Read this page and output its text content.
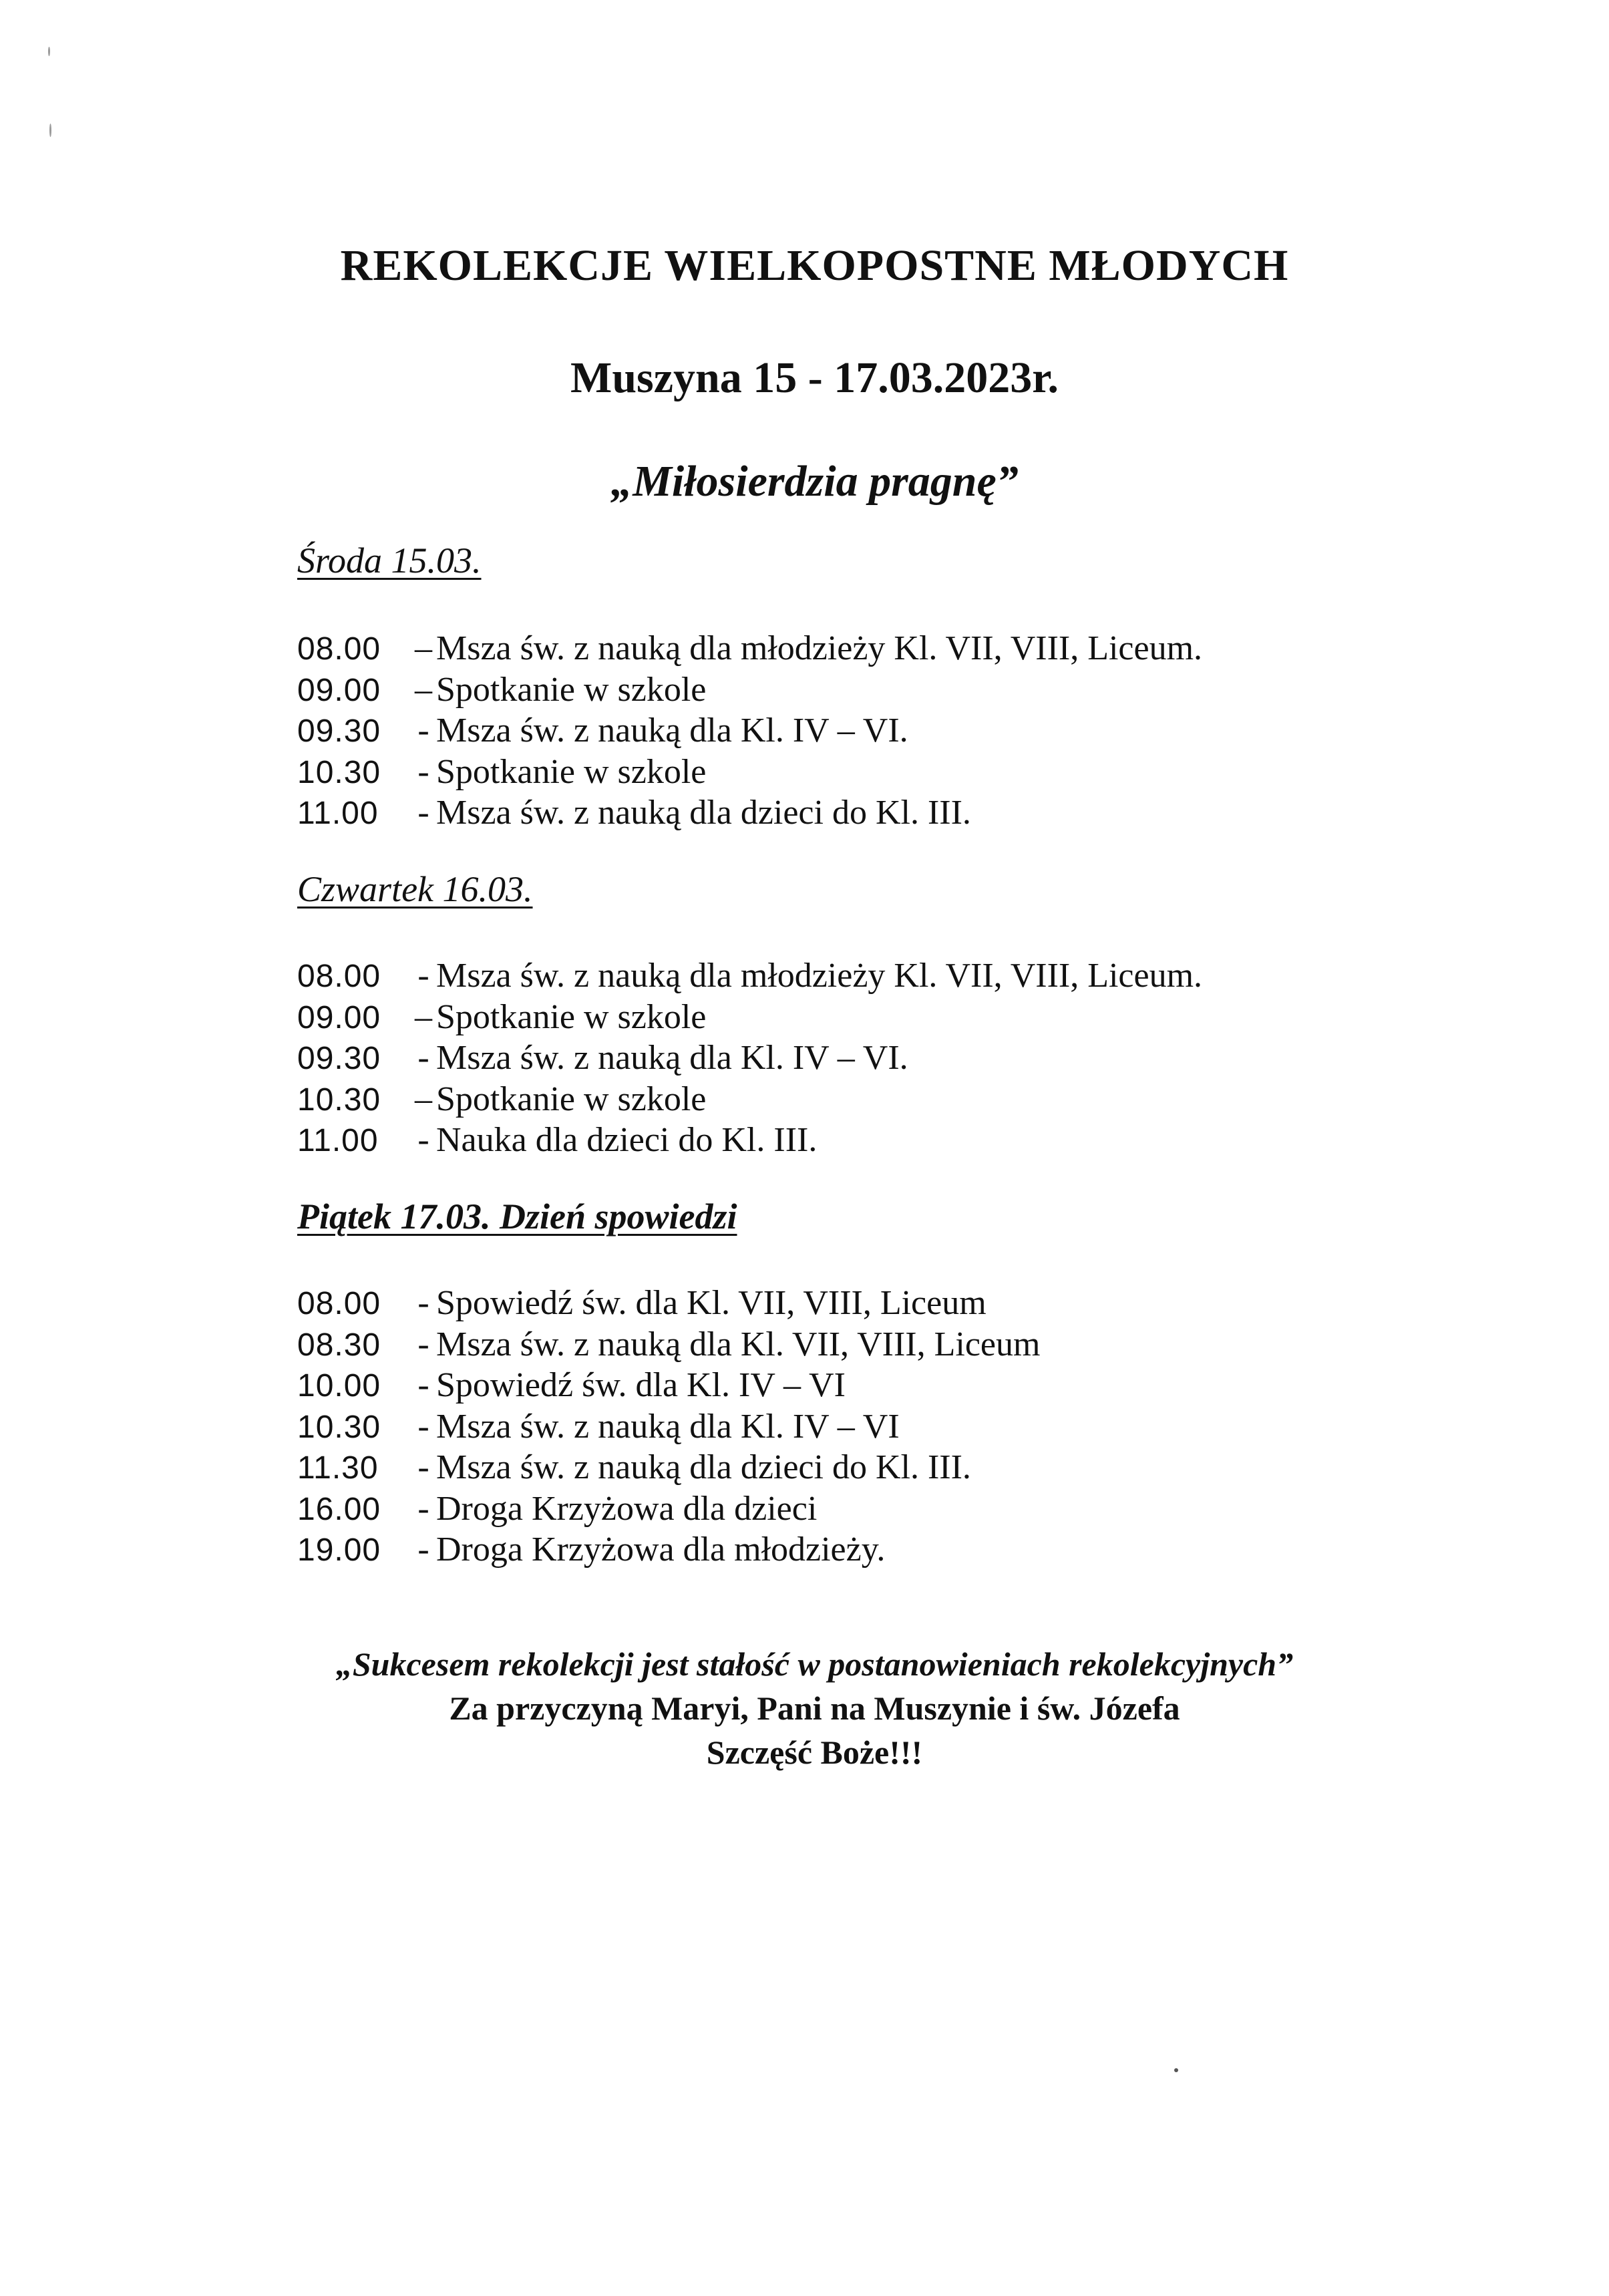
REKOLEKCJE WIELKOPOSTNE MŁODYCH
Muszyna 15 - 17.03.2023r.
„Miłosierdzia pragnę”
Środa 15.03.
08.00 – Msza św. z nauką dla młodzieży Kl. VII, VIII, Liceum.
09.00 – Spotkanie w szkole
09.30 - Msza św. z nauką dla Kl. IV – VI.
10.30 - Spotkanie w szkole
11.00 - Msza św. z nauką dla dzieci do Kl. III.
Czwartek 16.03.
08.00 - Msza św. z nauką dla młodzieży Kl. VII, VIII, Liceum.
09.00 – Spotkanie w szkole
09.30 - Msza św. z nauką dla Kl. IV – VI.
10.30 – Spotkanie w szkole
11.00 - Nauka dla dzieci do Kl. III.
Piątek 17.03. Dzień spowiedzi
08.00 - Spowiedź św. dla Kl. VII, VIII, Liceum
08.30 - Msza św. z nauką dla Kl. VII, VIII, Liceum
10.00 - Spowiedź św. dla Kl. IV – VI
10.30 - Msza św. z nauką dla Kl. IV – VI
11.30 - Msza św. z nauką dla dzieci do Kl. III.
16.00 - Droga Krzyżowa dla dzieci
19.00 - Droga Krzyżowa dla młodzieży.
„Sukcesem rekolekcji jest stałość w postanowieniach rekolekcyjnych”
Za przyczyną Maryi, Pani na Muszynie i św. Józefa
Szczęść Boże!!!
